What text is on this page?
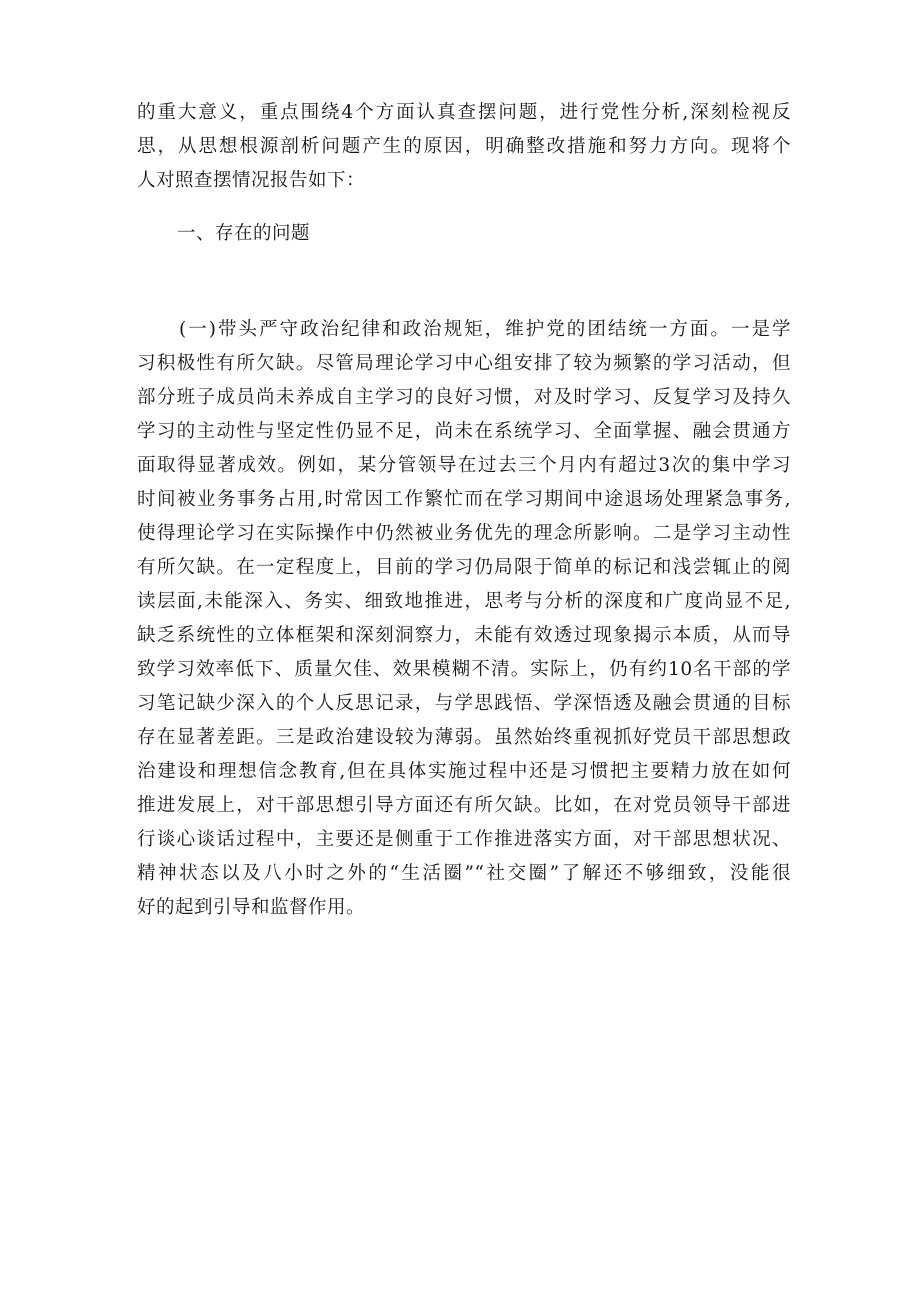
的重大意义，重点围绕4个方面认真查摆问题，进行党性分析,深刻检视反
思，从思想根源剖析问题产生的原因，明确整改措施和努力方向。现将个
人对照查摆情况报告如下：
一、存在的问题
(一)带头严守政治纪律和政治规矩，维护党的团结统一方面。一是学
习积极性有所欠缺。尽管局理论学习中心组安排了较为频繁的学习活动，但
部分班子成员尚未养成自主学习的良好习惯，对及时学习、反复学习及持久
学习的主动性与坚定性仍显不足，尚未在系统学习、全面掌握、融会贯通方
面取得显著成效。例如，某分管领导在过去三个月内有超过3次的集中学习
时间被业务事务占用,时常因工作繁忙而在学习期间中途退场处理紧急事务,
使得理论学习在实际操作中仍然被业务优先的理念所影响。二是学习主动性
有所欠缺。在一定程度上，目前的学习仍局限于简单的标记和浅尝辄止的阅
读层面,未能深入、务实、细致地推进，思考与分析的深度和广度尚显不足,
缺乏系统性的立体框架和深刻洞察力，未能有效透过现象揭示本质，从而导
致学习效率低下、质量欠佳、效果模糊不清。实际上，仍有约10名干部的学
习笔记缺少深入的个人反思记录，与学思践悟、学深悟透及融会贯通的目标
存在显著差距。三是政治建设较为薄弱。虽然始终重视抓好党员干部思想政
治建设和理想信念教育,但在具体实施过程中还是习惯把主要精力放在如何
推进发展上，对干部思想引导方面还有所欠缺。比如，在对党员领导干部进
行谈心谈话过程中，主要还是侧重于工作推进落实方面，对干部思想状况、
精神状态以及八小时之外的“生活圈”“社交圈”了解还不够细致，没能很
好的起到引导和监督作用。
